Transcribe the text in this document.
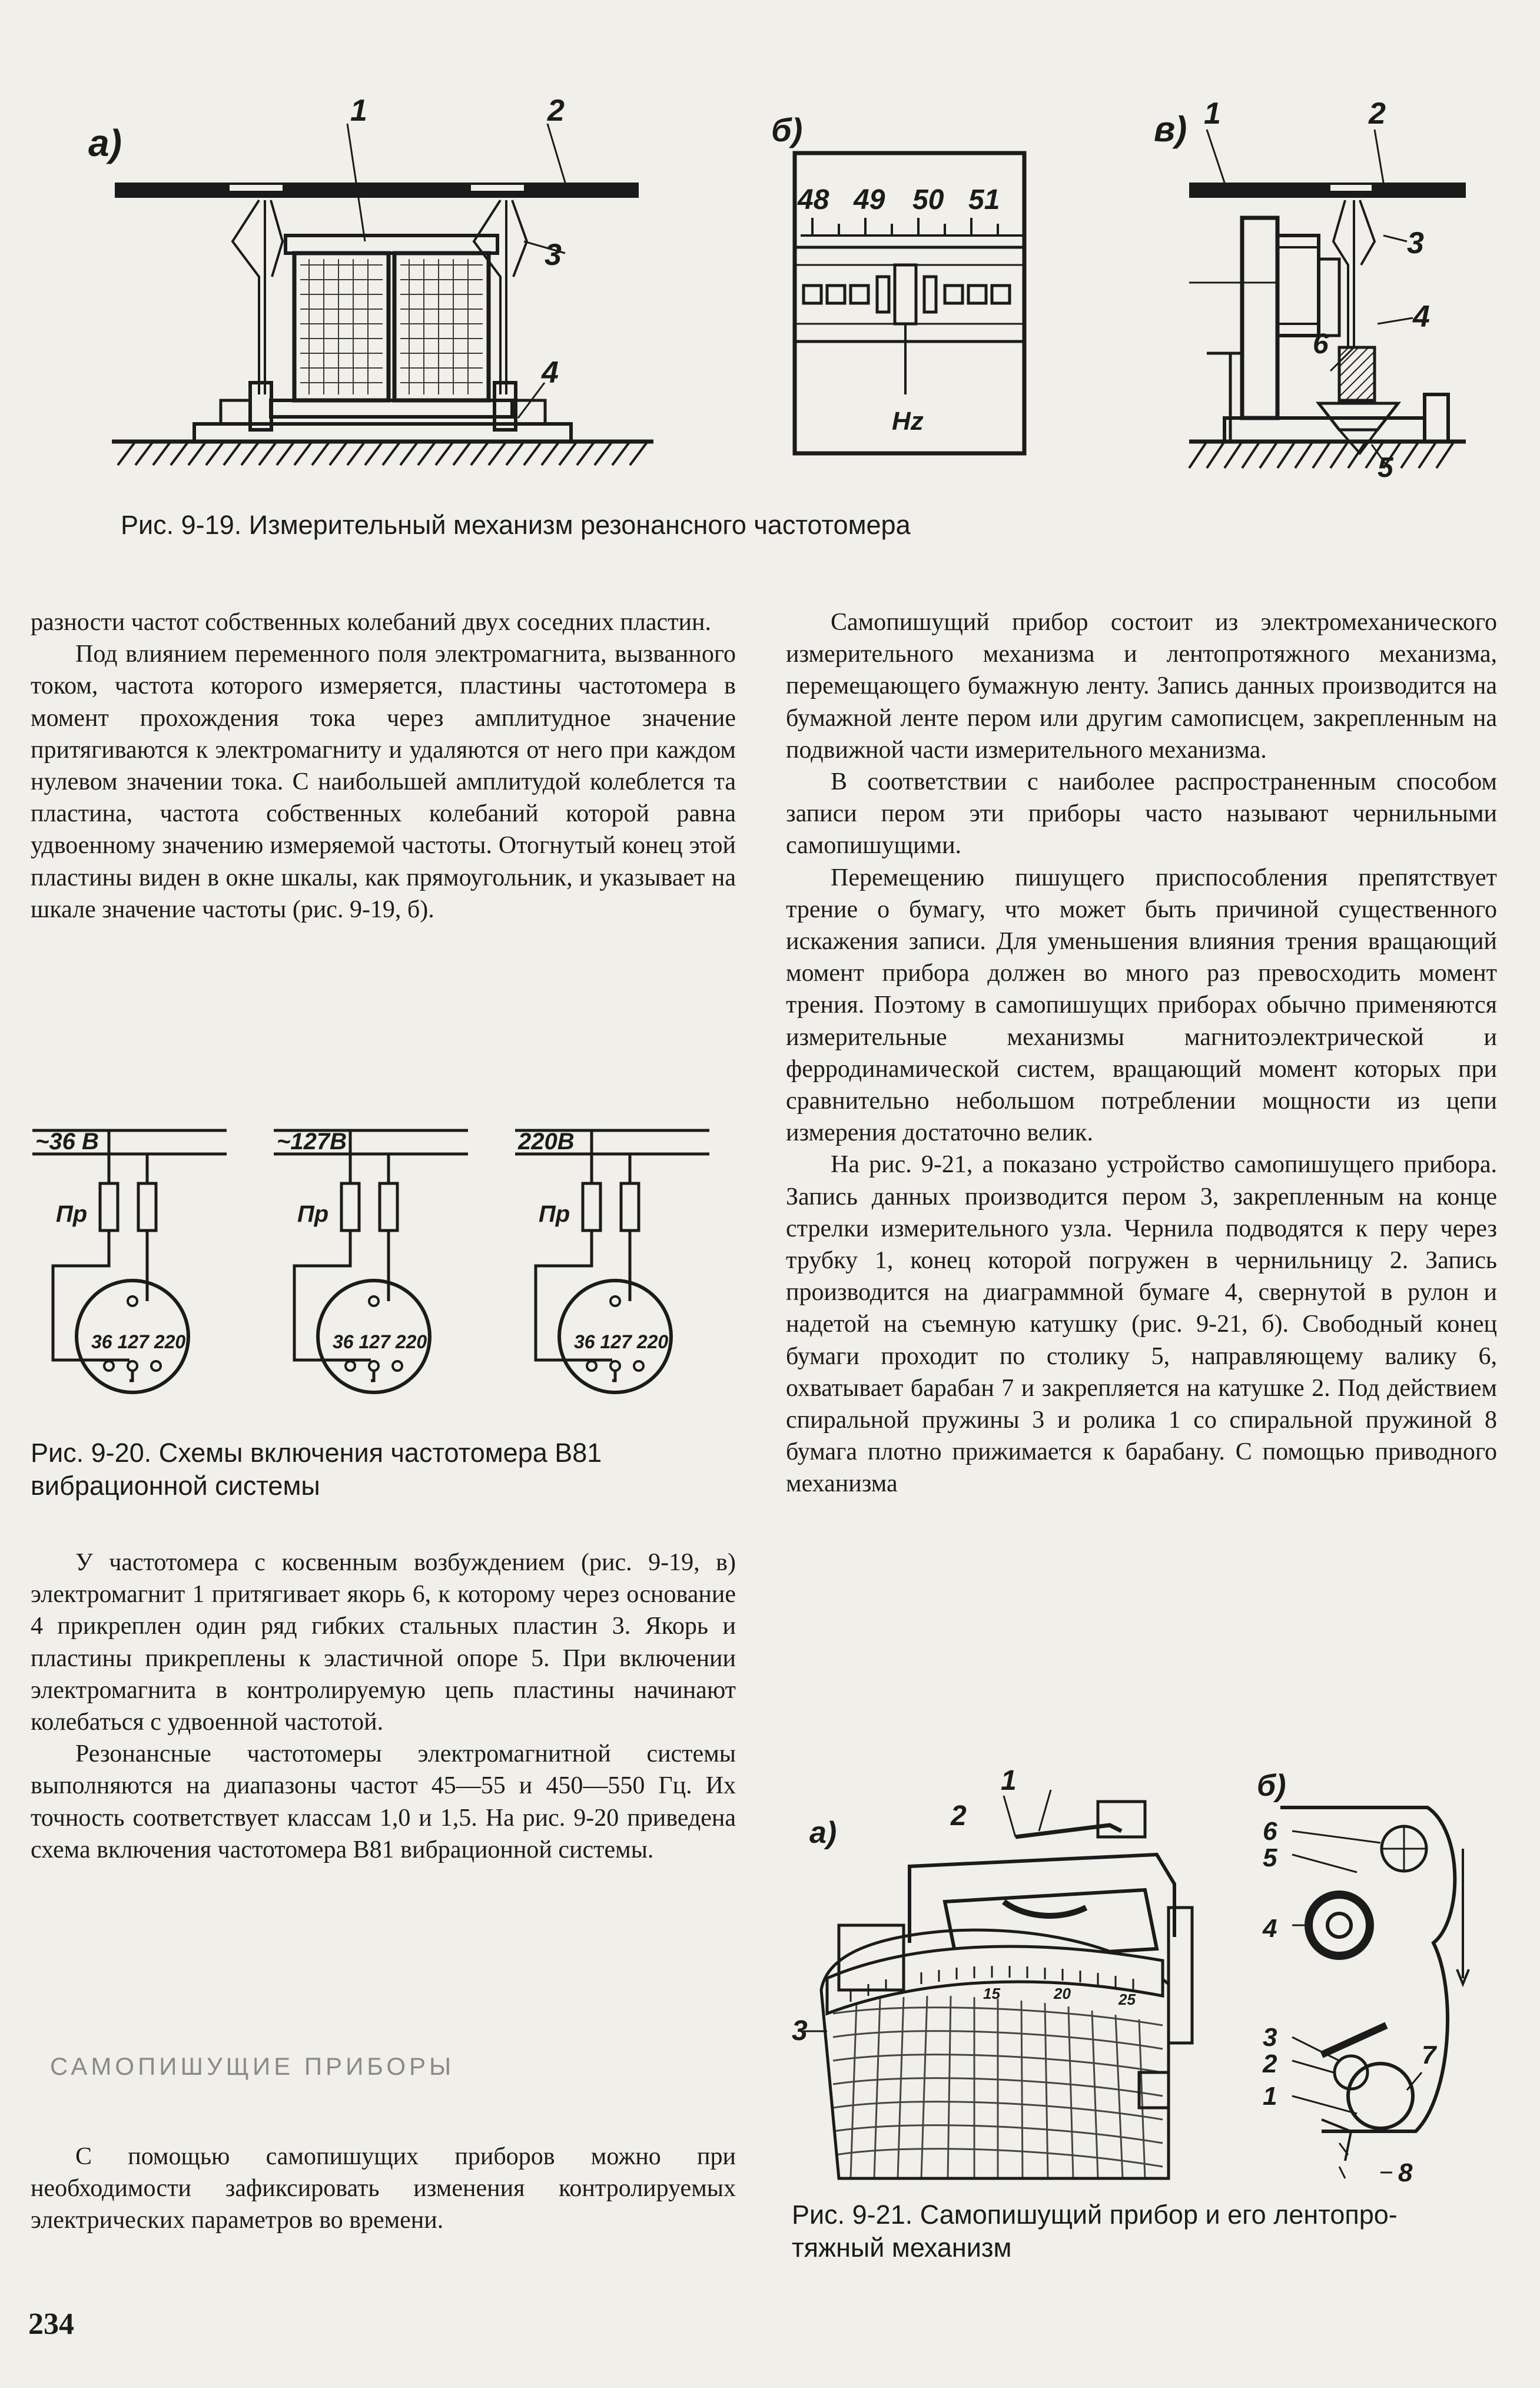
а)
1	2
3
4
б)
48 49 50 51
Hz
в) 1	2
3
4
6
5
Рис. 9-19. Измерительный механизм резонансного частотомера

разности частот собственных колебаний двух соседних пластин.

Под влиянием переменного поля электромагнита, вызванного током, частота которого измеряется, пластины частотомера в момент прохождения тока через амплитудное значение притягиваются к электромагниту и удаляются от него при каждом нулевом значении тока. С наибольшей амплитудой колеблется та пластина, частота собственных колебаний которой равна удвоенному значению измеряемой частоты. Отогнутый конец этой пластины виден в окне шкалы, как прямоугольник, и указывает на шкале значение частоты (рис. 9-19, б).

~36 В
Пр
36 127 220
~127В
Пр
36 127 220
220В
Пр
36 127 220
Рис. 9-20. Схемы включения частотомера В81
вибрационной системы

У частотомера с косвенным возбуждением (рис. 9-19, в) электромагнит 1 притягивает якорь 6, к которому через основание 4 прикреплен один ряд гибких стальных пластин 3. Якорь и пластины прикреплены к эластичной опоре 5. При включении электромагнита в контролируемую цепь пластины начинают колебаться с удвоенной частотой.

Резонансные частотомеры электромагнитной системы выполняются на диапазоны частот 45—55 и 450—550 Гц. Их точность соответствует классам 1,0 и 1,5. На рис. 9-20 приведена схема включения частотомера В81 вибрационной системы.

САМОПИШУЩИЕ ПРИБОРЫ

С помощью самопишущих приборов можно при необходимости зафиксировать изменения контролируемых электрических параметров во времени.

234

Самопишущий прибор состоит из электромеханического измерительного механизма и лентопротяжного механизма, перемещающего бумажную ленту. Запись данных производится на бумажной ленте пером или другим самописцем, закрепленным на подвижной части измерительного механизма.

В соответствии с наиболее распространенным способом записи пером эти приборы часто называют чернильными самопишущими.

Перемещению пишущего приспособления препятствует трение о бумагу, что может быть причиной существенного искажения записи. Для уменьшения влияния трения вращающий момент прибора должен во много раз превосходить момент трения. Поэтому в самопишущих приборах обычно применяются измерительные механизмы магнитоэлектрической и ферродинамической систем, вращающий момент которых при сравнительно небольшом потреблении мощности из цепи измерения достаточно велик.

На рис. 9-21, а показано устройство самопишущего прибора. Запись данных производится пером 3, закрепленным на конце стрелки измерительного узла. Чернила подводятся к перу через трубку 1, конец которой погружен в чернильницу 2. Запись производится на диаграммной бумаге 4, свернутой в рулон и надетой на съемную катушку (рис. 9-21, б). Свободный конец бумаги проходит по столику 5, направляющему валику 6, охватывает барабан 7 и закрепляется на катушке 2. Под действием спиральной пружины 3 и ролика 1 со спиральной пружиной 8 бумага плотно прижимается к барабану. С помощью приводного механизма

а)
15	20	25
1
2
3
б)
6
5
4
3
2
1
7
8
Рис. 9-21. Самопишущий прибор и его лентопро-
тяжный механизм
